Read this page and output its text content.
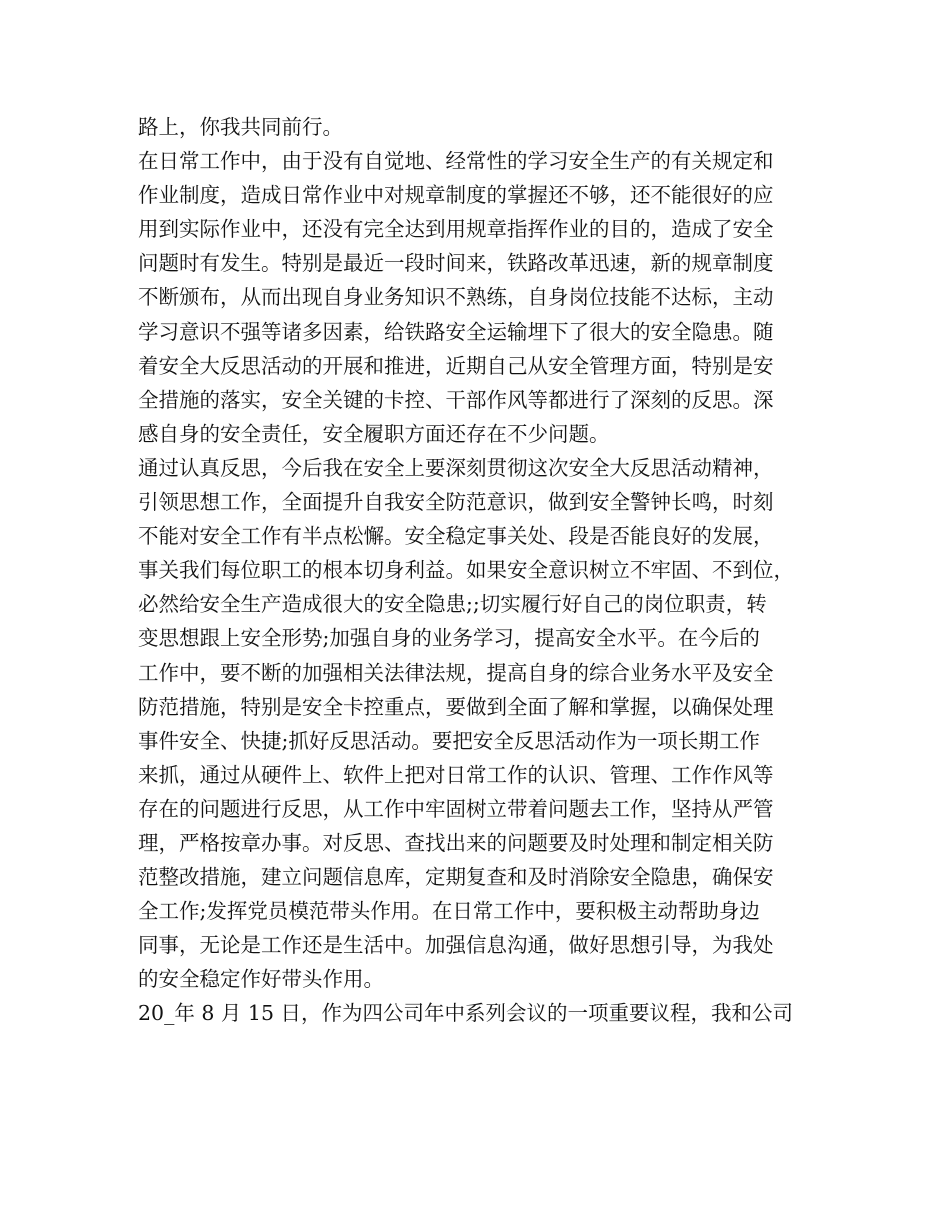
路上，你我共同前行。
在日常工作中，由于没有自觉地、经常性的学习安全生产的有关规定和
作业制度，造成日常作业中对规章制度的掌握还不够，还不能很好的应
用到实际作业中，还没有完全达到用规章指挥作业的目的，造成了安全
问题时有发生。特别是最近一段时间来，铁路改革迅速，新的规章制度
不断颁布，从而出现自身业务知识不熟练，自身岗位技能不达标，主动
学习意识不强等诸多因素，给铁路安全运输埋下了很大的安全隐患。随
着安全大反思活动的开展和推进，近期自己从安全管理方面，特别是安
全措施的落实，安全关键的卡控、干部作风等都进行了深刻的反思。深
感自身的安全责任，安全履职方面还存在不少问题。
通过认真反思，今后我在安全上要深刻贯彻这次安全大反思活动精神，
引领思想工作，全面提升自我安全防范意识，做到安全警钟长鸣，时刻
不能对安全工作有半点松懈。安全稳定事关处、段是否能良好的发展，
事关我们每位职工的根本切身利益。如果安全意识树立不牢固、不到位，
必然给安全生产造成很大的安全隐患;;切实履行好自己的岗位职责，转
变思想跟上安全形势;加强自身的业务学习，提高安全水平。在今后的
工作中，要不断的加强相关法律法规，提高自身的综合业务水平及安全
防范措施，特别是安全卡控重点，要做到全面了解和掌握，以确保处理
事件安全、快捷;抓好反思活动。要把安全反思活动作为一项长期工作
来抓，通过从硬件上、软件上把对日常工作的认识、管理、工作作风等
存在的问题进行反思，从工作中牢固树立带着问题去工作，坚持从严管
理，严格按章办事。对反思、查找出来的问题要及时处理和制定相关防
范整改措施，建立问题信息库，定期复查和及时消除安全隐患，确保安
全工作;发挥党员模范带头作用。在日常工作中，要积极主动帮助身边
同事，无论是工作还是生活中。加强信息沟通，做好思想引导，为我处
的安全稳定作好带头作用。
20_年 8 月 15 日，作为四公司年中系列会议的一项重要议程，我和公司
